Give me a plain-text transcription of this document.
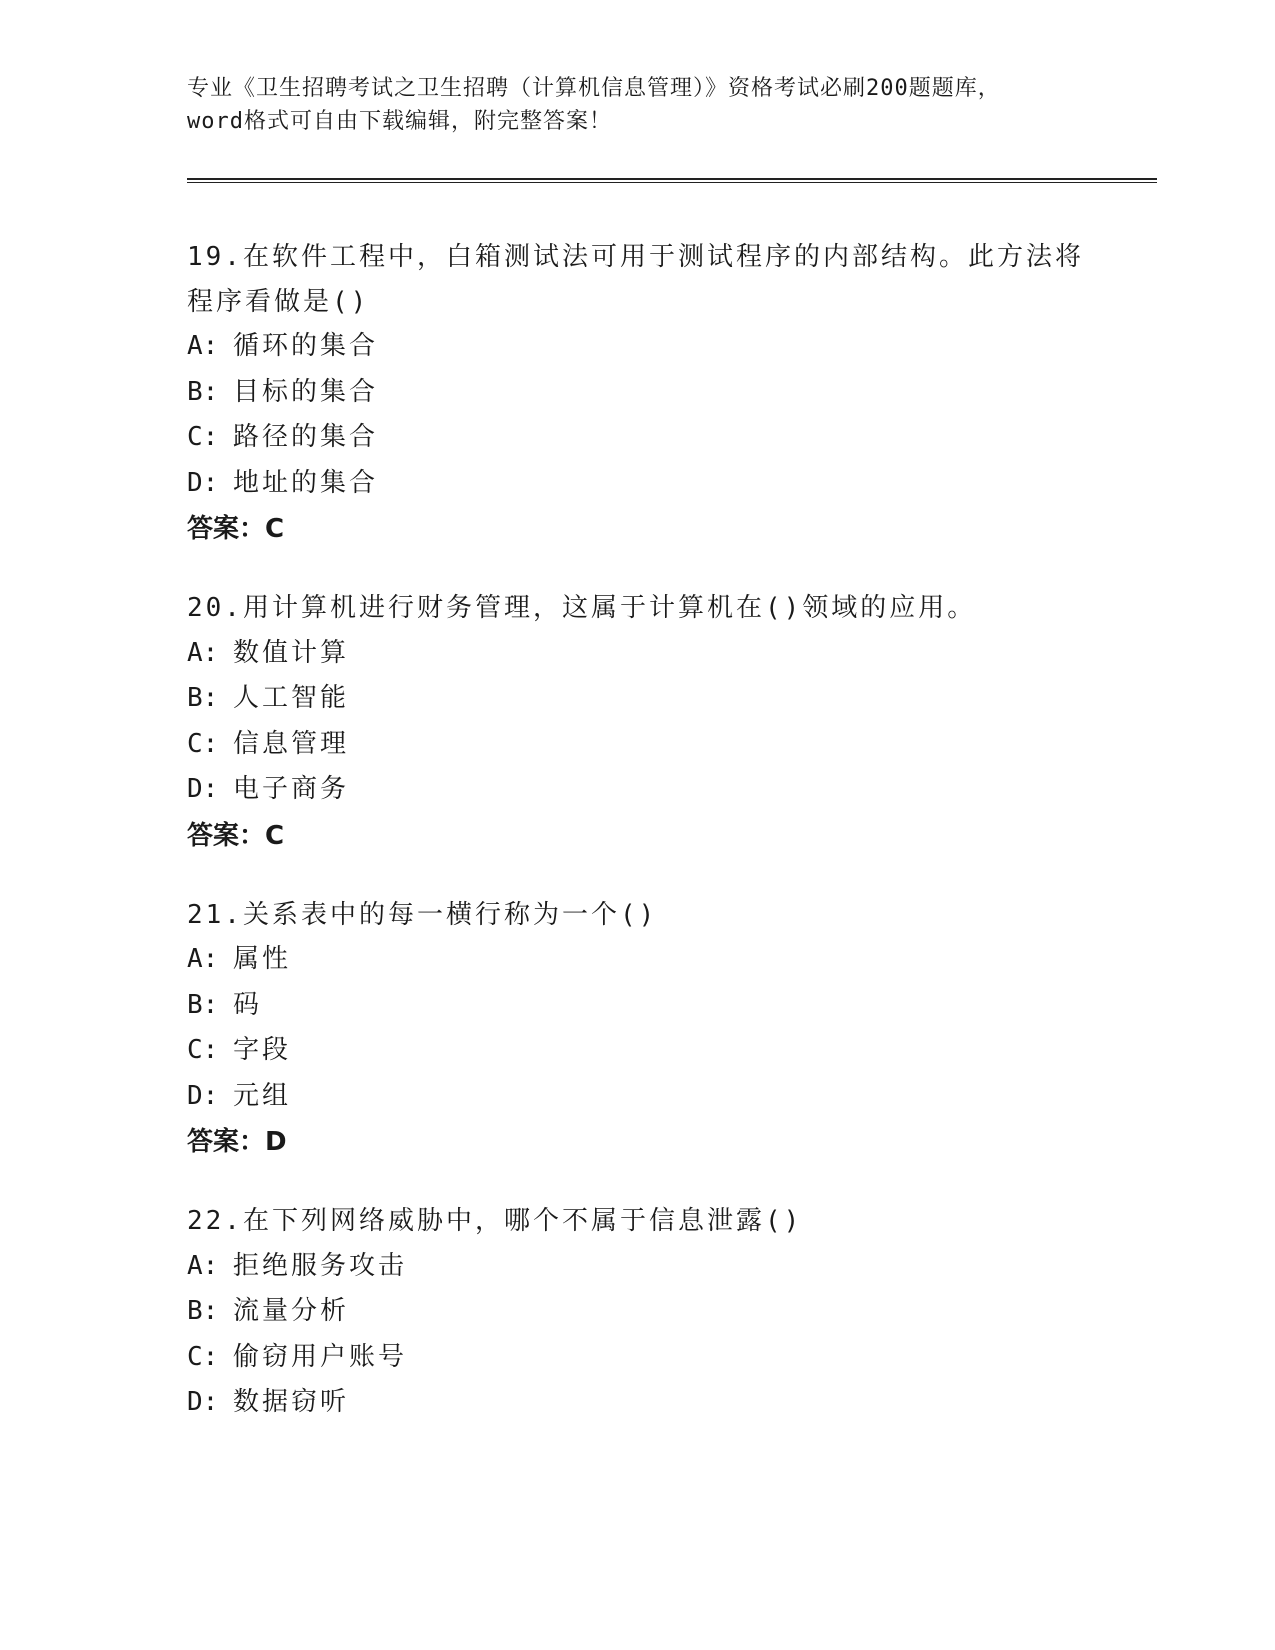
专业《卫生招聘考试之卫生招聘（计算机信息管理）》资格考试必刷200题题库，
word格式可自由下载编辑，附完整答案！
19.在软件工程中，白箱测试法可用于测试程序的内部结构。此方法将程序看做是()
A: 循环的集合
B: 目标的集合
C: 路径的集合
D: 地址的集合
答案：C
20.用计算机进行财务管理，这属于计算机在()领域的应用。
A: 数值计算
B: 人工智能
C: 信息管理
D: 电子商务
答案：C
21.关系表中的每一横行称为一个()
A: 属性
B: 码
C: 字段
D: 元组
答案：D
22.在下列网络威胁中，哪个不属于信息泄露()
A: 拒绝服务攻击
B: 流量分析
C: 偷窃用户账号
D: 数据窃听
